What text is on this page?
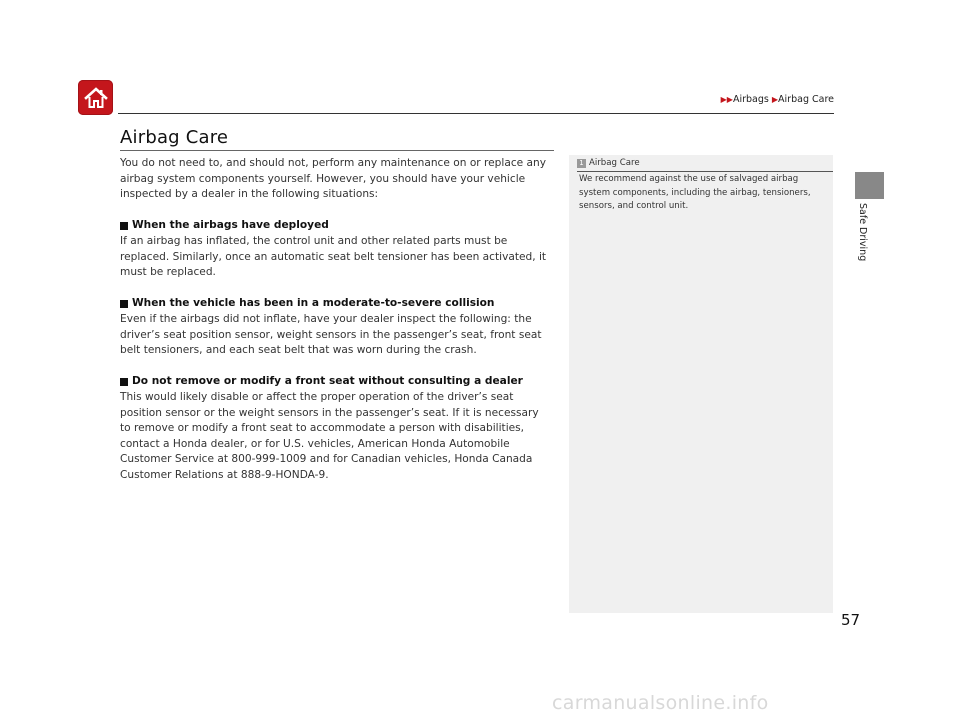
▶▶Airbags ▶Airbag Care
Airbag Care

You do not need to, and should not, perform any maintenance on or replace any airbag system components yourself. However, you should have your vehicle inspected by a dealer in the following situations:

When the airbags have deployed

If an airbag has inflated, the control unit and other related parts must be replaced. Similarly, once an automatic seat belt tensioner has been activated, it must be replaced.

When the vehicle has been in a moderate-to-severe collision

Even if the airbags did not inflate, have your dealer inspect the following: the driver’s seat position sensor, weight sensors in the passenger’s seat, front seat belt tensioners, and each seat belt that was worn during the crash.

Do not remove or modify a front seat without consulting a dealer

This would likely disable or affect the proper operation of the driver’s seat position sensor or the weight sensors in the passenger’s seat. If it is necessary to remove or modify a front seat to accommodate a person with disabilities, contact a Honda dealer, or for U.S. vehicles, American Honda Automobile Customer Service at 800-999-1009 and for Canadian vehicles, Honda Canada Customer Relations at 888-9-HONDA-9.

1 Airbag Care

We recommend against the use of salvaged airbag system components, including the airbag, tensioners, sensors, and control unit.	Safe Driving
57
carmanualsonline.info
